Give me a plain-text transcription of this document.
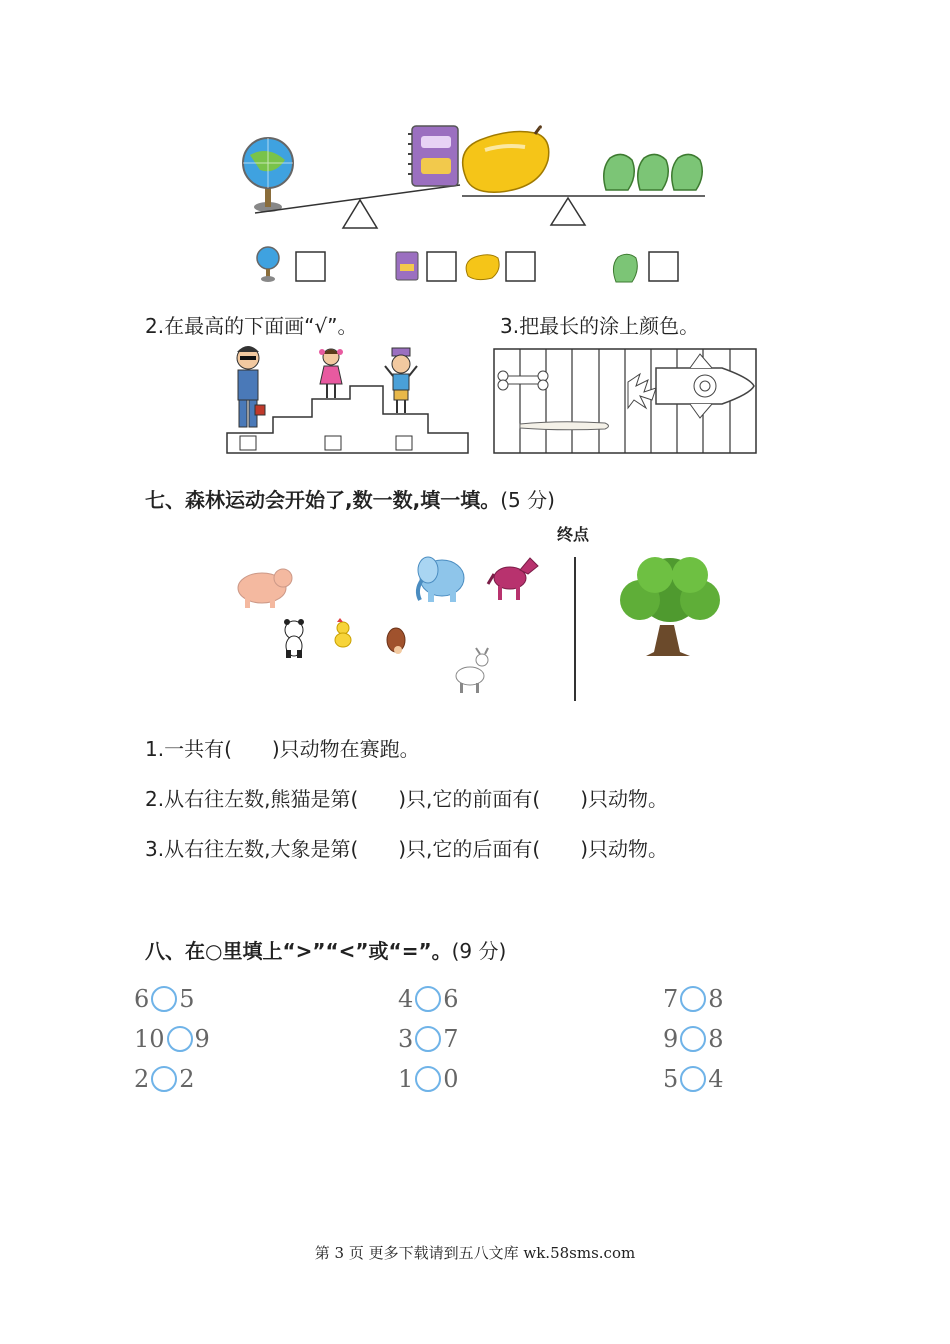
2.在最高的下面画“√”。	3.把最长的涂上颜色。
七、森林运动会开始了,数一数,填一填。(5 分)
终点
1.一共有(　　)只动物在赛跑。
2.从右往左数,熊猫是第(　　)只,它的前面有(　　)只动物。
3.从右往左数,大象是第(　　)只,它的后面有(　　)只动物。
八、在○里填上“>”“<”或“=”。(9 分)
6 5	4 6	7 8
10 9	3 7	9 8
2 2	1 0	5 4
第 3 页 更多下载请到五八文库 wk.58sms.com
